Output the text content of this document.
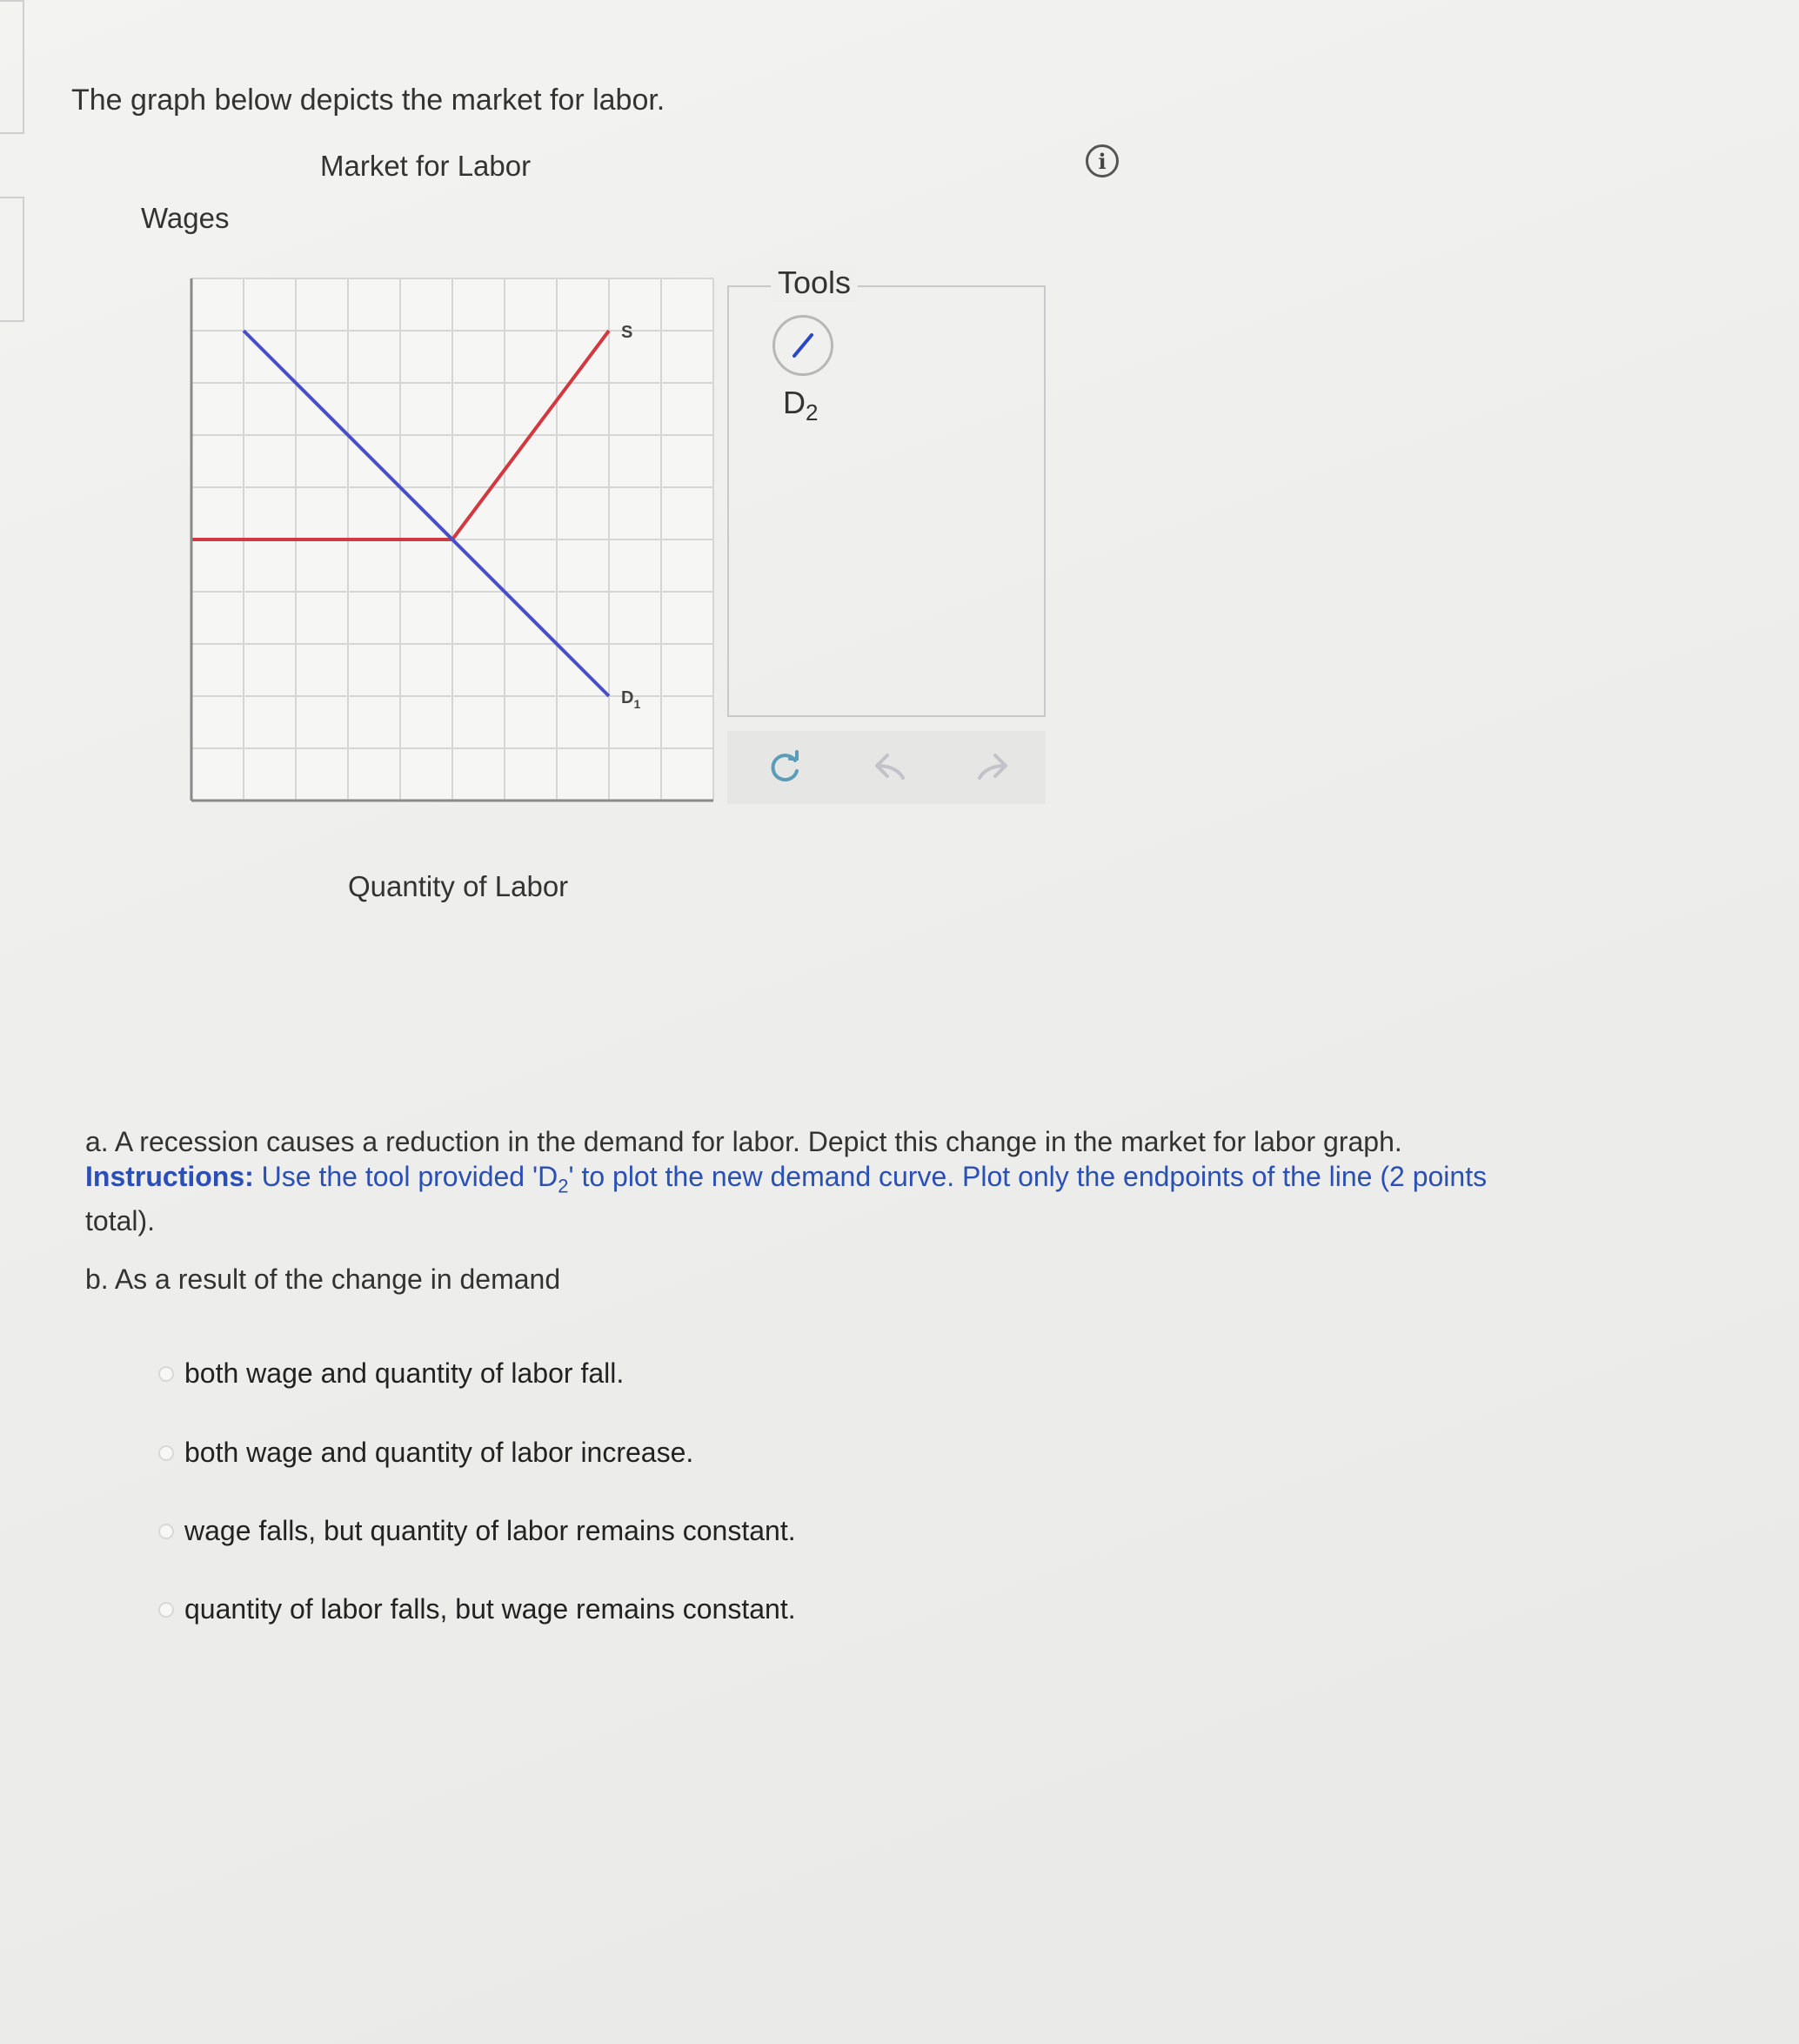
The graph below depicts the market for labor.
Market for Labor	i
Wages
S
$D_1$
Quantity of Labor
Tools
$D_2$
a. A recession causes a reduction in the demand for labor. Depict this change in the market for labor graph.
Instructions: Use the tool provided '$D_2$' to plot the new demand curve. Plot only the endpoints of the line (2 points
total).
b. As a result of the change in demand
both wage and quantity of labor fall.
both wage and quantity of labor increase.
wage falls, but quantity of labor remains constant.
quantity of labor falls, but wage remains constant.
